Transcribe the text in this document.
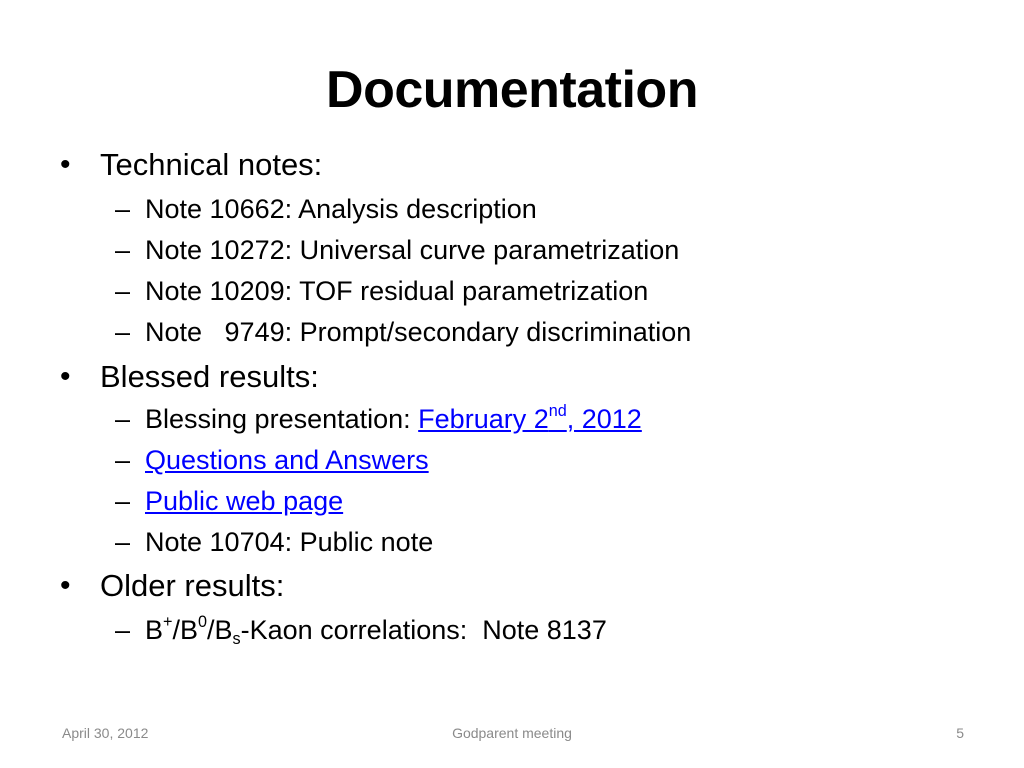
Documentation
• Technical notes:
– Note 10662: Analysis description
– Note 10272: Universal curve parametrization
– Note 10209: TOF residual parametrization
– Note   9749: Prompt/secondary discrimination
• Blessed results:
– Blessing presentation: February 2nd, 2012
– Questions and Answers
– Public web page
– Note 10704: Public note
• Older results:
– $B^+/B^0/B_s$-Kaon correlations:  Note 8137
April 30, 2012	Godparent meeting	5
